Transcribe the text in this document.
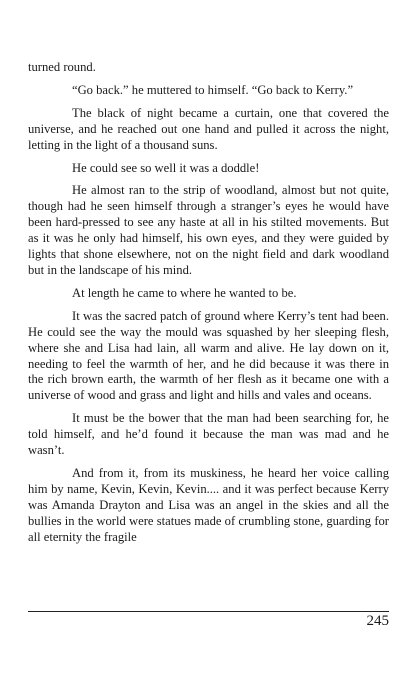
turned round.

“Go back.” he muttered to himself. “Go back to Kerry.”

The black of night became a curtain, one that covered the universe, and he reached out one hand and pulled it across the night, letting in the light of a thousand suns.

He could see so well it was a doddle!

He almost ran to the strip of woodland, almost but not quite, though had he seen himself through a stranger’s eyes he would have been hard-pressed to see any haste at all in his stilted movements. But as it was he only had himself, his own eyes, and they were guided by lights that shone elsewhere, not on the night field and dark woodland but in the landscape of his mind.

At length he came to where he wanted to be.

It was the sacred patch of ground where Kerry’s tent had been. He could see the way the mould was squashed by her sleeping flesh, where she and Lisa had lain, all warm and alive. He lay down on it, needing to feel the warmth of her, and he did because it was there in the rich brown earth, the warmth of her flesh as it became one with a universe of wood and grass and light and hills and vales and oceans.

It must be the bower that the man had been searching for, he told himself, and he’d found it because the man was mad and he wasn’t.

And from it, from its muskiness, he heard her voice calling him by name, Kevin, Kevin, Kevin.... and it was perfect because Kerry was Amanda Drayton and Lisa was an angel in the skies and all the bullies in the world were statues made of crumbling stone, guarding for all eternity the fragile

245
